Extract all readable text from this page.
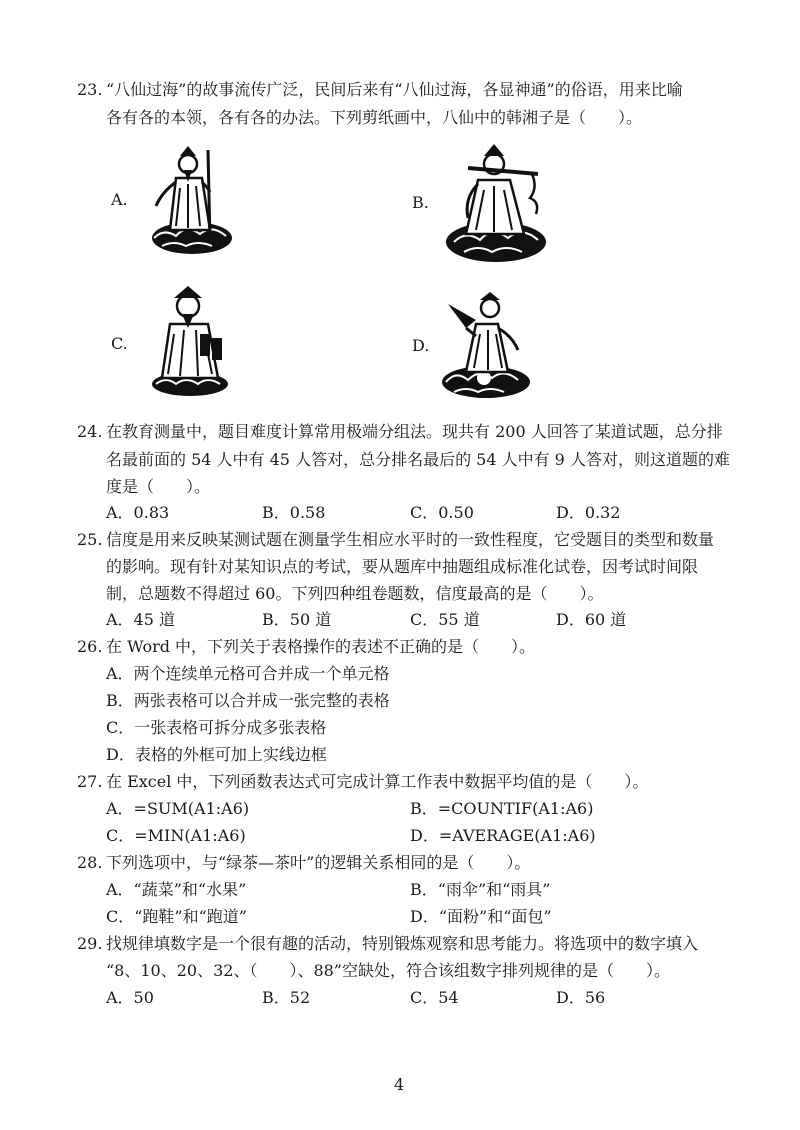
23. “八仙过海”的故事流传广泛，民间后来有“八仙过海，各显神通”的俗语，用来比喻
各有各的本领，各有各的办法。下列剪纸画中，八仙中的韩湘子是（　　）。
A.	B.
C.	D.
24. 在教育测量中，题目难度计算常用极端分组法。现共有 200 人回答了某道试题，总分排
名最前面的 54 人中有 45 人答对，总分排名最后的 54 人中有 9 人答对，则这道题的难
度是（　　）。
A．0.83	B．0.58	C．0.50	D．0.32
25. 信度是用来反映某测试题在测量学生相应水平时的一致性程度，它受题目的类型和数量
的影响。现有针对某知识点的考试，要从题库中抽题组成标准化试卷，因考试时间限
制，总题数不得超过 60。下列四种组卷题数，信度最高的是（　　）。
A．45 道	B．50 道	C．55 道	D．60 道
26. 在 Word 中，下列关于表格操作的表述不正确的是（　　）。
A．两个连续单元格可合并成一个单元格
B．两张表格可以合并成一张完整的表格
C．一张表格可拆分成多张表格
D．表格的外框可加上实线边框
27. 在 Excel 中，下列函数表达式可完成计算工作表中数据平均值的是（　　）。
A．=SUM(A1:A6)	B．=COUNTIF(A1:A6)
C．=MIN(A1:A6)	D．=AVERAGE(A1:A6)
28. 下列选项中，与“绿茶—茶叶”的逻辑关系相同的是（　　）。
A．“蔬菜”和“水果”	B．“雨伞”和“雨具”
C．“跑鞋”和“跑道”	D．“面粉”和“面包”
29. 找规律填数字是一个很有趣的活动，特别锻炼观察和思考能力。将选项中的数字填入
“8、10、20、32、（　　）、88”空缺处，符合该组数字排列规律的是（　　）。
A．50	B．52	C．54	D．56
4
